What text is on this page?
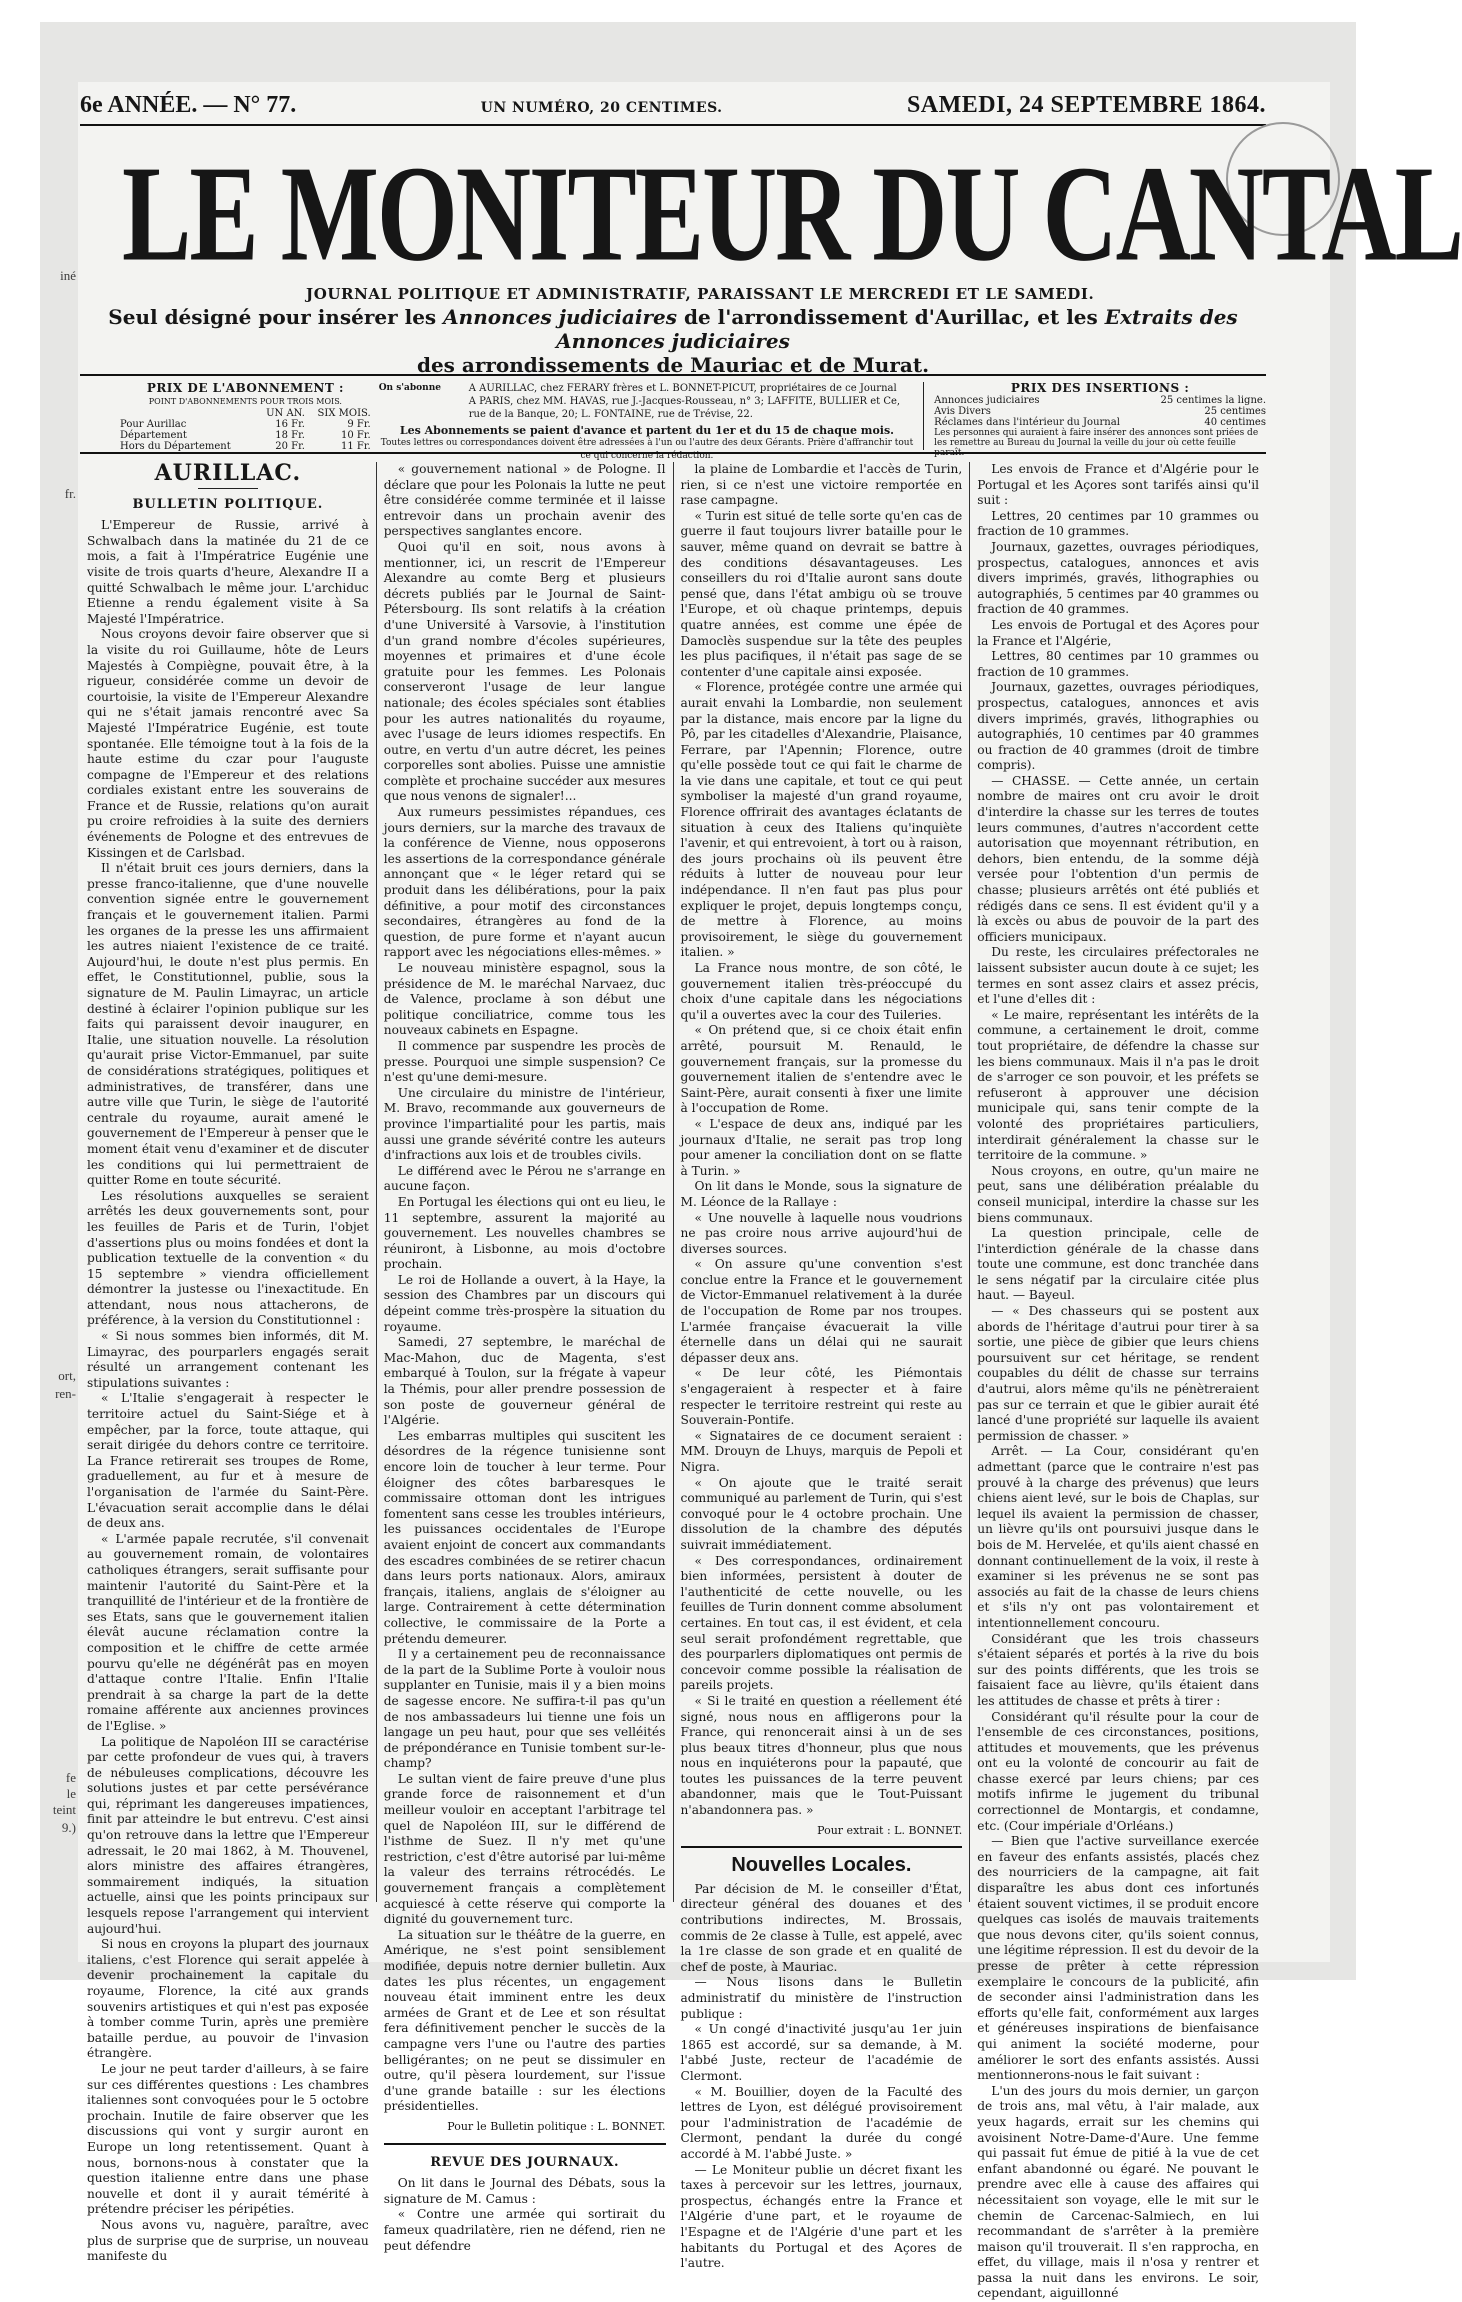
iné
fr.
ort,
ren-
fe
le
teint
9.)
6e ANNÉE. — N° 77.	UN NUMÉRO, 20 CENTIMES.	SAMEDI, 24 SEPTEMBRE 1864.
LE MONITEUR DU CANTAL
JOURNAL POLITIQUE ET ADMINISTRATIF, PARAISSANT LE MERCREDI ET LE SAMEDI.
Seul désigné pour insérer les Annonces judiciaires de l'arrondissement d'Aurillac, et les Extraits des Annonces judiciaires
des arrondissements de Mauriac et de Murat.
PRIX DE L'ABONNEMENT :
POINT D'ABONNEMENTS POUR TROIS MOIS.
	UN AN.	SIX MOIS.
Pour Aurillac	16 Fr.	9 Fr.
Département	18 Fr.	10 Fr.
Hors du Département	20 Fr.	11 Fr.
On s'abonne	A AURILLAC, chez FERARY frères et L. BONNET-PICUT, propriétaires de ce Journal
A PARIS, chez MM. HAVAS, rue J.-Jacques-Rousseau, n° 3; LAFFITE, BULLIER et Ce, rue de la Banque, 20; L. FONTAINE, rue de Trévise, 22.
Les Abonnements se paient d'avance et partent du 1er et du 15 de chaque mois.
Toutes lettres ou correspondances doivent être adressées à l'un ou l'autre des deux Gérants. Prière d'affranchir tout ce qui concerne la rédaction.
PRIX DES INSERTIONS :
Annonces judiciaires	25 centimes la ligne.
Avis Divers	25 centimes
Réclames dans l'intérieur du Journal	40 centimes
Les personnes qui auraient à faire insérer des annonces sont priées de les remettre au Bureau du Journal la veille du jour où cette feuille paraît.
AURILLAC.
BULLETIN POLITIQUE.

L'Empereur de Russie, arrivé à Schwalbach dans la matinée du 21 de ce mois, a fait à l'Impératrice Eugénie une visite de trois quarts d'heure, Alexandre II a quitté Schwalbach le même jour. L'archiduc Etienne a rendu également visite à Sa Majesté l'Impératrice.

Nous croyons devoir faire observer que si la visite du roi Guillaume, hôte de Leurs Majestés à Compiègne, pouvait être, à la rigueur, considérée comme un devoir de courtoisie, la visite de l'Empereur Alexandre qui ne s'était jamais rencontré avec Sa Majesté l'Impératrice Eugénie, est toute spontanée. Elle témoigne tout à la fois de la haute estime du czar pour l'auguste compagne de l'Empereur et des relations cordiales existant entre les souverains de France et de Russie, relations qu'on aurait pu croire refroidies à la suite des derniers événements de Pologne et des entrevues de Kissingen et de Carlsbad.

Il n'était bruit ces jours derniers, dans la presse franco-italienne, que d'une nouvelle convention signée entre le gouvernement français et le gouvernement italien. Parmi les organes de la presse les uns affirmaient les autres niaient l'existence de ce traité. Aujourd'hui, le doute n'est plus permis. En effet, le Constitutionnel, publie, sous la signature de M. Paulin Limayrac, un article destiné à éclairer l'opinion publique sur les faits qui paraissent devoir inaugurer, en Italie, une situation nouvelle. La résolution qu'aurait prise Victor-Emmanuel, par suite de considérations stratégiques, politiques et administratives, de transférer, dans une autre ville que Turin, le siège de l'autorité centrale du royaume, aurait amené le gouvernement de l'Empereur à penser que le moment était venu d'examiner et de discuter les conditions qui lui permettraient de quitter Rome en toute sécurité.

Les résolutions auxquelles se seraient arrêtés les deux gouvernements sont, pour les feuilles de Paris et de Turin, l'objet d'assertions plus ou moins fondées et dont la publication textuelle de la convention « du 15 septembre » viendra officiellement démontrer la justesse ou l'inexactitude. En attendant, nous nous attacherons, de préférence, à la version du Constitutionnel :

« Si nous sommes bien informés, dit M. Limayrac, des pourparlers engagés serait résulté un arrangement contenant les stipulations suivantes :

« L'Italie s'engagerait à respecter le territoire actuel du Saint-Siége et à empêcher, par la force, toute attaque, qui serait dirigée du dehors contre ce territoire. La France retirerait ses troupes de Rome, graduellement, au fur et à mesure de l'organisation de l'armée du Saint-Père. L'évacuation serait accomplie dans le délai de deux ans.

« L'armée papale recrutée, s'il convenait au gouvernement romain, de volontaires catholiques étrangers, serait suffisante pour maintenir l'autorité du Saint-Père et la tranquillité de l'intérieur et de la frontière de ses Etats, sans que le gouvernement italien élevât aucune réclamation contre la composition et le chiffre de cette armée pourvu qu'elle ne dégénérât pas en moyen d'attaque contre l'Italie. Enfin l'Italie prendrait à sa charge la part de la dette romaine afférente aux anciennes provinces de l'Eglise. »

La politique de Napoléon III se caractérise par cette profondeur de vues qui, à travers de nébuleuses complications, découvre les solutions justes et par cette persévérance qui, réprimant les dangereuses impatiences, finit par atteindre le but entrevu. C'est ainsi qu'on retrouve dans la lettre que l'Empereur adressait, le 20 mai 1862, à M. Thouvenel, alors ministre des affaires étrangères, sommairement indiqués, la situation actuelle, ainsi que les points principaux sur lesquels repose l'arrangement qui intervient aujourd'hui.

Si nous en croyons la plupart des journaux italiens, c'est Florence qui serait appelée à devenir prochainement la capitale du royaume, Florence, la cité aux grands souvenirs artistiques et qui n'est pas exposée à tomber comme Turin, après une première bataille perdue, au pouvoir de l'invasion étrangère.

Le jour ne peut tarder d'ailleurs, à se faire sur ces différentes questions : Les chambres italiennes sont convoquées pour le 5 octobre prochain. Inutile de faire observer que les discussions qui vont y surgir auront en Europe un long retentissement. Quant à nous, bornons-nous à constater que la question italienne entre dans une phase nouvelle et dont il y aurait témérité à prétendre préciser les péripéties.

Nous avons vu, naguère, paraître, avec plus de surprise que de surprise, un nouveau manifeste du

« gouvernement national » de Pologne. Il déclare que pour les Polonais la lutte ne peut être considérée comme terminée et il laisse entrevoir dans un prochain avenir des perspectives sanglantes encore.

Quoi qu'il en soit, nous avons à mentionner, ici, un rescrit de l'Empereur Alexandre au comte Berg et plusieurs décrets publiés par le Journal de Saint-Pétersbourg. Ils sont relatifs à la création d'une Université à Varsovie, à l'institution d'un grand nombre d'écoles supérieures, moyennes et primaires et d'une école gratuite pour les femmes. Les Polonais conserveront l'usage de leur langue nationale; des écoles spéciales sont établies pour les autres nationalités du royaume, avec l'usage de leurs idiomes respectifs. En outre, en vertu d'un autre décret, les peines corporelles sont abolies. Puisse une amnistie complète et prochaine succéder aux mesures que nous venons de signaler!...

Aux rumeurs pessimistes répandues, ces jours derniers, sur la marche des travaux de la conférence de Vienne, nous opposerons les assertions de la correspondance générale annonçant que « le léger retard qui se produit dans les délibérations, pour la paix définitive, a pour motif des circonstances secondaires, étrangères au fond de la question, de pure forme et n'ayant aucun rapport avec les négociations elles-mêmes. »

Le nouveau ministère espagnol, sous la présidence de M. le maréchal Narvaez, duc de Valence, proclame à son début une politique conciliatrice, comme tous les nouveaux cabinets en Espagne.

Il commence par suspendre les procès de presse. Pourquoi une simple suspension? Ce n'est qu'une demi-mesure.

Une circulaire du ministre de l'intérieur, M. Bravo, recommande aux gouverneurs de province l'impartialité pour les partis, mais aussi une grande sévérité contre les auteurs d'infractions aux lois et de troubles civils.

Le différend avec le Pérou ne s'arrange en aucune façon.

En Portugal les élections qui ont eu lieu, le 11 septembre, assurent la majorité au gouvernement. Les nouvelles chambres se réuniront, à Lisbonne, au mois d'octobre prochain.

Le roi de Hollande a ouvert, à la Haye, la session des Chambres par un discours qui dépeint comme très-prospère la situation du royaume.

Samedi, 27 septembre, le maréchal de Mac-Mahon, duc de Magenta, s'est embarqué à Toulon, sur la frégate à vapeur la Thémis, pour aller prendre possession de son poste de gouverneur général de l'Algérie.

Les embarras multiples qui suscitent les désordres de la régence tunisienne sont encore loin de toucher à leur terme. Pour éloigner des côtes barbaresques le commissaire ottoman dont les intrigues fomentent sans cesse les troubles intérieurs, les puissances occidentales de l'Europe avaient enjoint de concert aux commandants des escadres combinées de se retirer chacun dans leurs ports nationaux. Alors, amiraux français, italiens, anglais de s'éloigner au large. Contrairement à cette détermination collective, le commissaire de la Porte a prétendu demeurer.

Il y a certainement peu de reconnaissance de la part de la Sublime Porte à vouloir nous supplanter en Tunisie, mais il y a bien moins de sagesse encore. Ne suffira-t-il pas qu'un de nos ambassadeurs lui tienne une fois un langage un peu haut, pour que ses velléités de prépondérance en Tunisie tombent sur-le-champ?

Le sultan vient de faire preuve d'une plus grande force de raisonnement et d'un meilleur vouloir en acceptant l'arbitrage tel quel de Napoléon III, sur le différend de l'isthme de Suez. Il n'y met qu'une restriction, c'est d'être autorisé par lui-même la valeur des terrains rétrocédés. Le gouvernement français a complètement acquiescé à cette réserve qui comporte la dignité du gouvernement turc.

La situation sur le théâtre de la guerre, en Amérique, ne s'est point sensiblement modifiée, depuis notre dernier bulletin. Aux dates les plus récentes, un engagement nouveau était imminent entre les deux armées de Grant et de Lee et son résultat fera définitivement pencher le succès de la campagne vers l'une ou l'autre des parties belligérantes; on ne peut se dissimuler en outre, qu'il pèsera lourdement, sur l'issue d'une grande bataille : sur les élections présidentielles.

Pour le Bulletin politique : L. BONNET.
REVUE DES JOURNAUX.

On lit dans le Journal des Débats, sous la signature de M. Camus :

« Contre une armée qui sortirait du fameux quadrilatère, rien ne défend, rien ne peut défendre

la plaine de Lombardie et l'accès de Turin, rien, si ce n'est une victoire remportée en rase campagne.

« Turin est situé de telle sorte qu'en cas de guerre il faut toujours livrer bataille pour le sauver, même quand on devrait se battre à des conditions désavantageuses. Les conseillers du roi d'Italie auront sans doute pensé que, dans l'état ambigu où se trouve l'Europe, et où chaque printemps, depuis quatre années, est comme une épée de Damoclès suspendue sur la tête des peuples les plus pacifiques, il n'était pas sage de se contenter d'une capitale ainsi exposée.

« Florence, protégée contre une armée qui aurait envahi la Lombardie, non seulement par la distance, mais encore par la ligne du Pô, par les citadelles d'Alexandrie, Plaisance, Ferrare, par l'Apennin; Florence, outre qu'elle possède tout ce qui fait le charme de la vie dans une capitale, et tout ce qui peut symboliser la majesté d'un grand royaume, Florence offrirait des avantages éclatants de situation à ceux des Italiens qu'inquiète l'avenir, et qui entrevoient, à tort ou à raison, des jours prochains où ils peuvent être réduits à lutter de nouveau pour leur indépendance. Il n'en faut pas plus pour expliquer le projet, depuis longtemps conçu, de mettre à Florence, au moins provisoirement, le siège du gouvernement italien. »

La France nous montre, de son côté, le gouvernement italien très-préoccupé du choix d'une capitale dans les négociations qu'il a ouvertes avec la cour des Tuileries.

« On prétend que, si ce choix était enfin arrêté, poursuit M. Renauld, le gouvernement français, sur la promesse du gouvernement italien de s'entendre avec le Saint-Père, aurait consenti à fixer une limite à l'occupation de Rome.

« L'espace de deux ans, indiqué par les journaux d'Italie, ne serait pas trop long pour amener la conciliation dont on se flatte à Turin. »

On lit dans le Monde, sous la signature de M. Léonce de la Rallaye :

« Une nouvelle à laquelle nous voudrions ne pas croire nous arrive aujourd'hui de diverses sources.

« On assure qu'une convention s'est conclue entre la France et le gouvernement de Victor-Emmanuel relativement à la durée de l'occupation de Rome par nos troupes. L'armée française évacuerait la ville éternelle dans un délai qui ne saurait dépasser deux ans.

« De leur côté, les Piémontais s'engageraient à respecter et à faire respecter le territoire restreint qui reste au Souverain-Pontife.

« Signataires de ce document seraient : MM. Drouyn de Lhuys, marquis de Pepoli et Nigra.

« On ajoute que le traité serait communiqué au parlement de Turin, qui s'est convoqué pour le 4 octobre prochain. Une dissolution de la chambre des députés suivrait immédiatement.

« Des correspondances, ordinairement bien informées, persistent à douter de l'authenticité de cette nouvelle, ou les feuilles de Turin donnent comme absolument certaines. En tout cas, il est évident, et cela seul serait profondément regrettable, que des pourparlers diplomatiques ont permis de concevoir comme possible la réalisation de pareils projets.

« Si le traité en question a réellement été signé, nous nous en affligerons pour la France, qui renoncerait ainsi à un de ses plus beaux titres d'honneur, plus que nous nous en inquiéterons pour la papauté, que toutes les puissances de la terre peuvent abandonner, mais que le Tout-Puissant n'abandonnera pas. »

Pour extrait : L. BONNET.
Nouvelles Locales.

Par décision de M. le conseiller d'État, directeur général des douanes et des contributions indirectes, M. Brossais, commis de 2e classe à Tulle, est appelé, avec la 1re classe de son grade et en qualité de chef de poste, à Mauriac.

— Nous lisons dans le Bulletin administratif du ministère de l'instruction publique :

« Un congé d'inactivité jusqu'au 1er juin 1865 est accordé, sur sa demande, à M. l'abbé Juste, recteur de l'académie de Clermont.

« M. Bouillier, doyen de la Faculté des lettres de Lyon, est délégué provisoirement pour l'administration de l'académie de Clermont, pendant la durée du congé accordé à M. l'abbé Juste. »

— Le Moniteur publie un décret fixant les taxes à percevoir sur les lettres, journaux, prospectus, échangés entre la France et l'Algérie d'une part, et le royaume de l'Espagne et de l'Algérie d'une part et les habitants du Portugal et des Açores de l'autre.

Les envois de France et d'Algérie pour le Portugal et les Açores sont tarifés ainsi qu'il suit :

Lettres, 20 centimes par 10 grammes ou fraction de 10 grammes.

Journaux, gazettes, ouvrages périodiques, prospectus, catalogues, annonces et avis divers imprimés, gravés, lithographies ou autographiés, 5 centimes par 40 grammes ou fraction de 40 grammes.

Les envois de Portugal et des Açores pour la France et l'Algérie,

Lettres, 80 centimes par 10 grammes ou fraction de 10 grammes.

Journaux, gazettes, ouvrages périodiques, prospectus, catalogues, annonces et avis divers imprimés, gravés, lithographies ou autographiés, 10 centimes par 40 grammes ou fraction de 40 grammes (droit de timbre compris).

— CHASSE. — Cette année, un certain nombre de maires ont cru avoir le droit d'interdire la chasse sur les terres de toutes leurs communes, d'autres n'accordent cette autorisation que moyennant rétribution, en dehors, bien entendu, de la somme déjà versée pour l'obtention d'un permis de chasse; plusieurs arrêtés ont été publiés et rédigés dans ce sens. Il est évident qu'il y a là excès ou abus de pouvoir de la part des officiers municipaux.

Du reste, les circulaires préfectorales ne laissent subsister aucun doute à ce sujet; les termes en sont assez clairs et assez précis, et l'une d'elles dit :

« Le maire, représentant les intérêts de la commune, a certainement le droit, comme tout propriétaire, de défendre la chasse sur les biens communaux. Mais il n'a pas le droit de s'arroger ce son pouvoir, et les préfets se refuseront à approuver une décision municipale qui, sans tenir compte de la volonté des propriétaires particuliers, interdirait généralement la chasse sur le territoire de la commune. »

Nous croyons, en outre, qu'un maire ne peut, sans une délibération préalable du conseil municipal, interdire la chasse sur les biens communaux.

La question principale, celle de l'interdiction générale de la chasse dans toute une commune, est donc tranchée dans le sens négatif par la circulaire citée plus haut. — Bayeul.

— « Des chasseurs qui se postent aux abords de l'héritage d'autrui pour tirer à sa sortie, une pièce de gibier que leurs chiens poursuivent sur cet héritage, se rendent coupables du délit de chasse sur terrains d'autrui, alors même qu'ils ne pénètreraient pas sur ce terrain et que le gibier aurait été lancé d'une propriété sur laquelle ils avaient permission de chasser. »

Arrêt. — La Cour, considérant qu'en admettant (parce que le contraire n'est pas prouvé à la charge des prévenus) que leurs chiens aient levé, sur le bois de Chaplas, sur lequel ils avaient la permission de chasser, un lièvre qu'ils ont poursuivi jusque dans le bois de M. Hervelée, et qu'ils aient chassé en donnant continuellement de la voix, il reste à examiner si les prévenus ne se sont pas associés au fait de la chasse de leurs chiens et s'ils n'y ont pas volontairement et intentionnellement concouru.

Considérant que les trois chasseurs s'étaient séparés et portés à la rive du bois sur des points différents, que les trois se faisaient face au lièvre, qu'ils étaient dans les attitudes de chasse et prêts à tirer :

Considérant qu'il résulte pour la cour de l'ensemble de ces circonstances, positions, attitudes et mouvements, que les prévenus ont eu la volonté de concourir au fait de chasse exercé par leurs chiens; par ces motifs infirme le jugement du tribunal correctionnel de Montargis, et condamne, etc. (Cour impériale d'Orléans.)

— Bien que l'active surveillance exercée en faveur des enfants assistés, placés chez des nourriciers de la campagne, ait fait disparaître les abus dont ces infortunés étaient souvent victimes, il se produit encore quelques cas isolés de mauvais traitements que nous devons citer, qu'ils soient connus, une légitime répression. Il est du devoir de la presse de prêter à cette répression exemplaire le concours de la publicité, afin de seconder ainsi l'administration dans les efforts qu'elle fait, conformément aux larges et généreuses inspirations de bienfaisance qui animent la société moderne, pour améliorer le sort des enfants assistés. Aussi mentionnerons-nous le fait suivant :

L'un des jours du mois dernier, un garçon de trois ans, mal vêtu, à l'air malade, aux yeux hagards, errait sur les chemins qui avoisinent Notre-Dame-d'Aure. Une femme qui passait fut émue de pitié à la vue de cet enfant abandonné ou égaré. Ne pouvant le prendre avec elle à cause des affaires qui nécessitaient son voyage, elle le mit sur le chemin de Carcenac-Salmiech, en lui recommandant de s'arrêter à la première maison qu'il trouverait. Il s'en rapprocha, en effet, du village, mais il n'osa y rentrer et passa la nuit dans les environs. Le soir, cependant, aiguillonné
